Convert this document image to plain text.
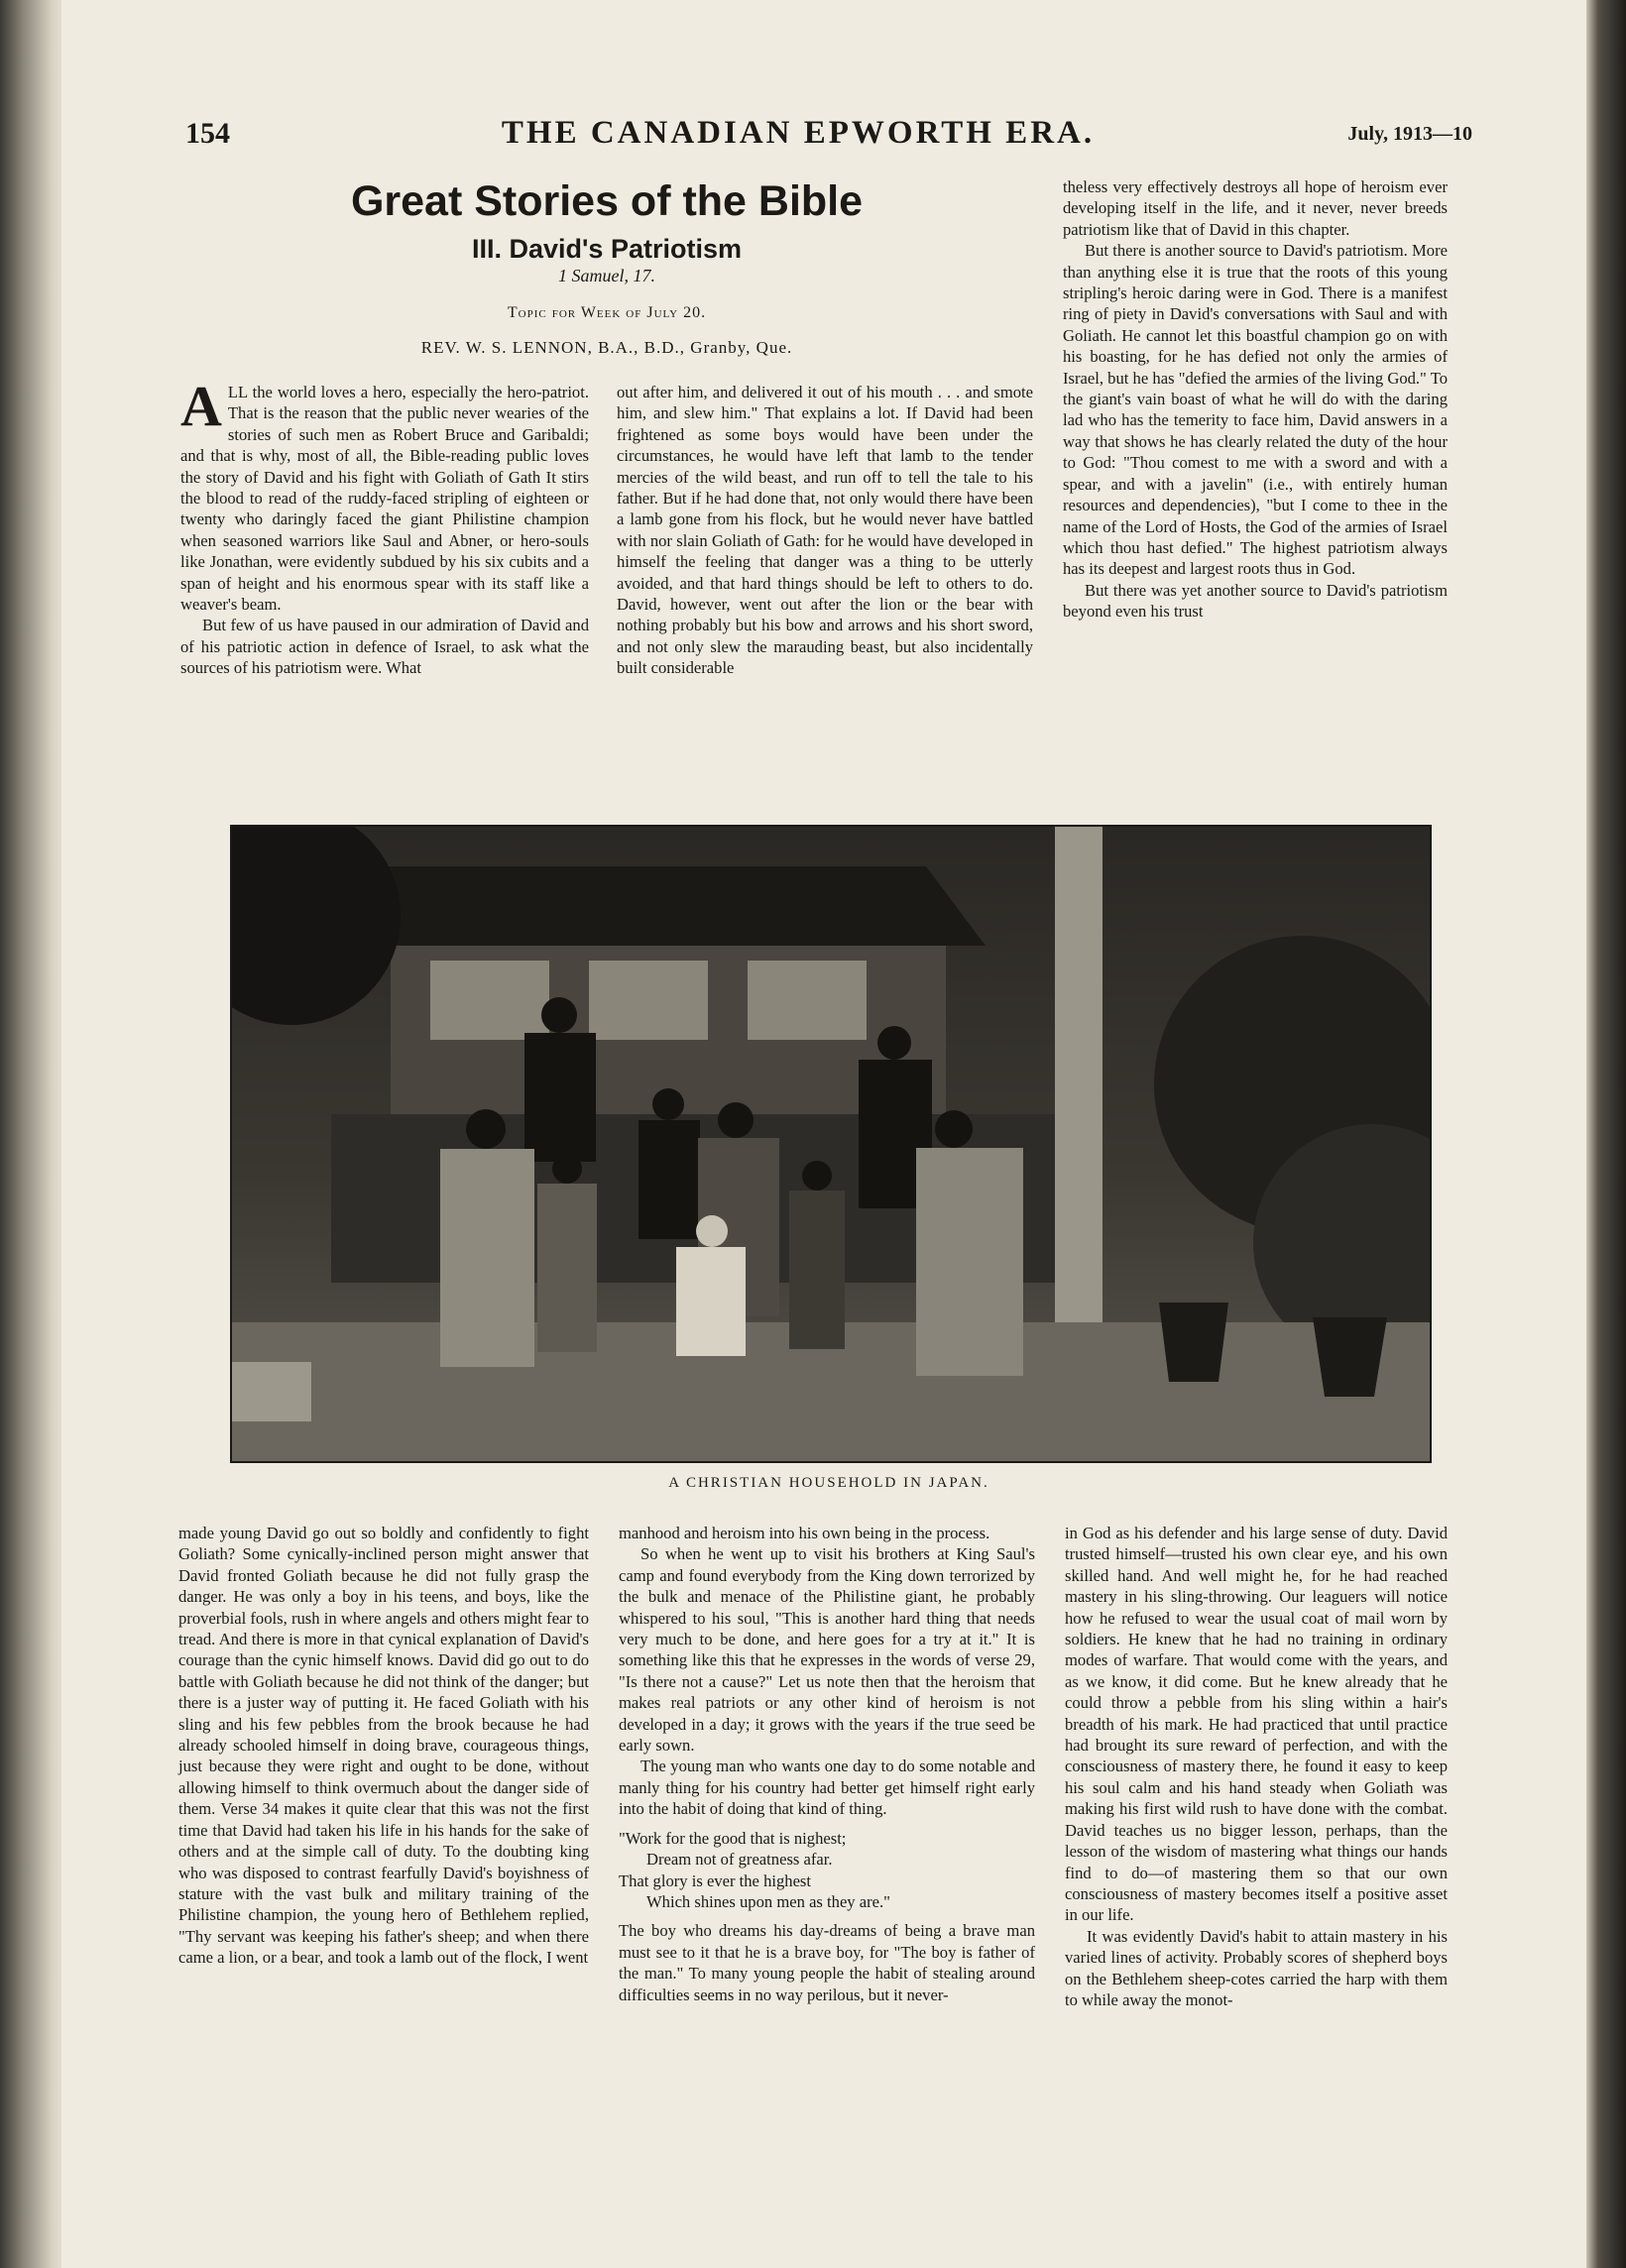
154	THE CANADIAN EPWORTH ERA.	July, 1913—10
Great Stories of the Bible
III. David's Patriotism
1 Samuel, 17.
Topic for Week of July 20.
REV. W. S. LENNON, B.A., B.D., Granby, Que.

ALL the world loves a hero, especially the hero-patriot. That is the reason that the public never wearies of the stories of such men as Robert Bruce and Garibaldi; and that is why, most of all, the Bible-reading public loves the story of David and his fight with Goliath of Gath It stirs the blood to read of the ruddy-faced stripling of eighteen or twenty who daringly faced the giant Philistine champion when seasoned warriors like Saul and Abner, or hero-souls like Jonathan, were evidently subdued by his six cubits and a span of height and his enormous spear with its staff like a weaver's beam.

But few of us have paused in our admiration of David and of his patriotic action in defence of Israel, to ask what the sources of his patriotism were. What

out after him, and delivered it out of his mouth . . . and smote him, and slew him." That explains a lot. If David had been frightened as some boys would have been under the circumstances, he would have left that lamb to the tender mercies of the wild beast, and run off to tell the tale to his father. But if he had done that, not only would there have been a lamb gone from his flock, but he would never have battled with nor slain Goliath of Gath: for he would have developed in himself the feeling that danger was a thing to be utterly avoided, and that hard things should be left to others to do. David, however, went out after the lion or the bear with nothing probably but his bow and arrows and his short sword, and not only slew the marauding beast, but also incidentally built considerable

theless very effectively destroys all hope of heroism ever developing itself in the life, and it never, never breeds patriotism like that of David in this chapter.

But there is another source to David's patriotism. More than anything else it is true that the roots of this young stripling's heroic daring were in God. There is a manifest ring of piety in David's conversations with Saul and with Goliath. He cannot let this boastful champion go on with his boasting, for he has defied not only the armies of Israel, but he has "defied the armies of the living God." To the giant's vain boast of what he will do with the daring lad who has the temerity to face him, David answers in a way that shows he has clearly related the duty of the hour to God: "Thou comest to me with a sword and with a spear, and with a javelin" (i.e., with entirely human resources and dependencies), "but I come to thee in the name of the Lord of Hosts, the God of the armies of Israel which thou hast defied." The highest patriotism always has its deepest and largest roots thus in God.

But there was yet another source to David's patriotism beyond even his trust

A CHRISTIAN HOUSEHOLD IN JAPAN.

made young David go out so boldly and confidently to fight Goliath? Some cynically-inclined person might answer that David fronted Goliath because he did not fully grasp the danger. He was only a boy in his teens, and boys, like the proverbial fools, rush in where angels and others might fear to tread. And there is more in that cynical explanation of David's courage than the cynic himself knows. David did go out to do battle with Goliath because he did not think of the danger; but there is a juster way of putting it. He faced Goliath with his sling and his few pebbles from the brook because he had already schooled himself in doing brave, courageous things, just because they were right and ought to be done, without allowing himself to think overmuch about the danger side of them. Verse 34 makes it quite clear that this was not the first time that David had taken his life in his hands for the sake of others and at the simple call of duty. To the doubting king who was disposed to contrast fearfully David's boyishness of stature with the vast bulk and military training of the Philistine champion, the young hero of Bethlehem replied, "Thy servant was keeping his father's sheep; and when there came a lion, or a bear, and took a lamb out of the flock, I went

manhood and heroism into his own being in the process.

So when he went up to visit his brothers at King Saul's camp and found everybody from the King down terrorized by the bulk and menace of the Philistine giant, he probably whispered to his soul, "This is another hard thing that needs very much to be done, and here goes for a try at it." It is something like this that he expresses in the words of verse 29, "Is there not a cause?" Let us note then that the heroism that makes real patriots or any other kind of heroism is not developed in a day; it grows with the years if the true seed be early sown.

The young man who wants one day to do some notable and manly thing for his country had better get himself right early into the habit of doing that kind of thing.

"Work for the good that is nighest;
Dream not of greatness afar.
That glory is ever the highest
Which shines upon men as they are."

The boy who dreams his day-dreams of being a brave man must see to it that he is a brave boy, for "The boy is father of the man." To many young people the habit of stealing around difficulties seems in no way perilous, but it never-

in God as his defender and his large sense of duty. David trusted himself—trusted his own clear eye, and his own skilled hand. And well might he, for he had reached mastery in his sling-throwing. Our leaguers will notice how he refused to wear the usual coat of mail worn by soldiers. He knew that he had no training in ordinary modes of warfare. That would come with the years, and as we know, it did come. But he knew already that he could throw a pebble from his sling within a hair's breadth of his mark. He had practiced that until practice had brought its sure reward of perfection, and with the consciousness of mastery there, he found it easy to keep his soul calm and his hand steady when Goliath was making his first wild rush to have done with the combat. David teaches us no bigger lesson, perhaps, than the lesson of the wisdom of mastering what things our hands find to do—of mastering them so that our own consciousness of mastery becomes itself a positive asset in our life.

It was evidently David's habit to attain mastery in his varied lines of activity. Probably scores of shepherd boys on the Bethlehem sheep-cotes carried the harp with them to while away the monot-
